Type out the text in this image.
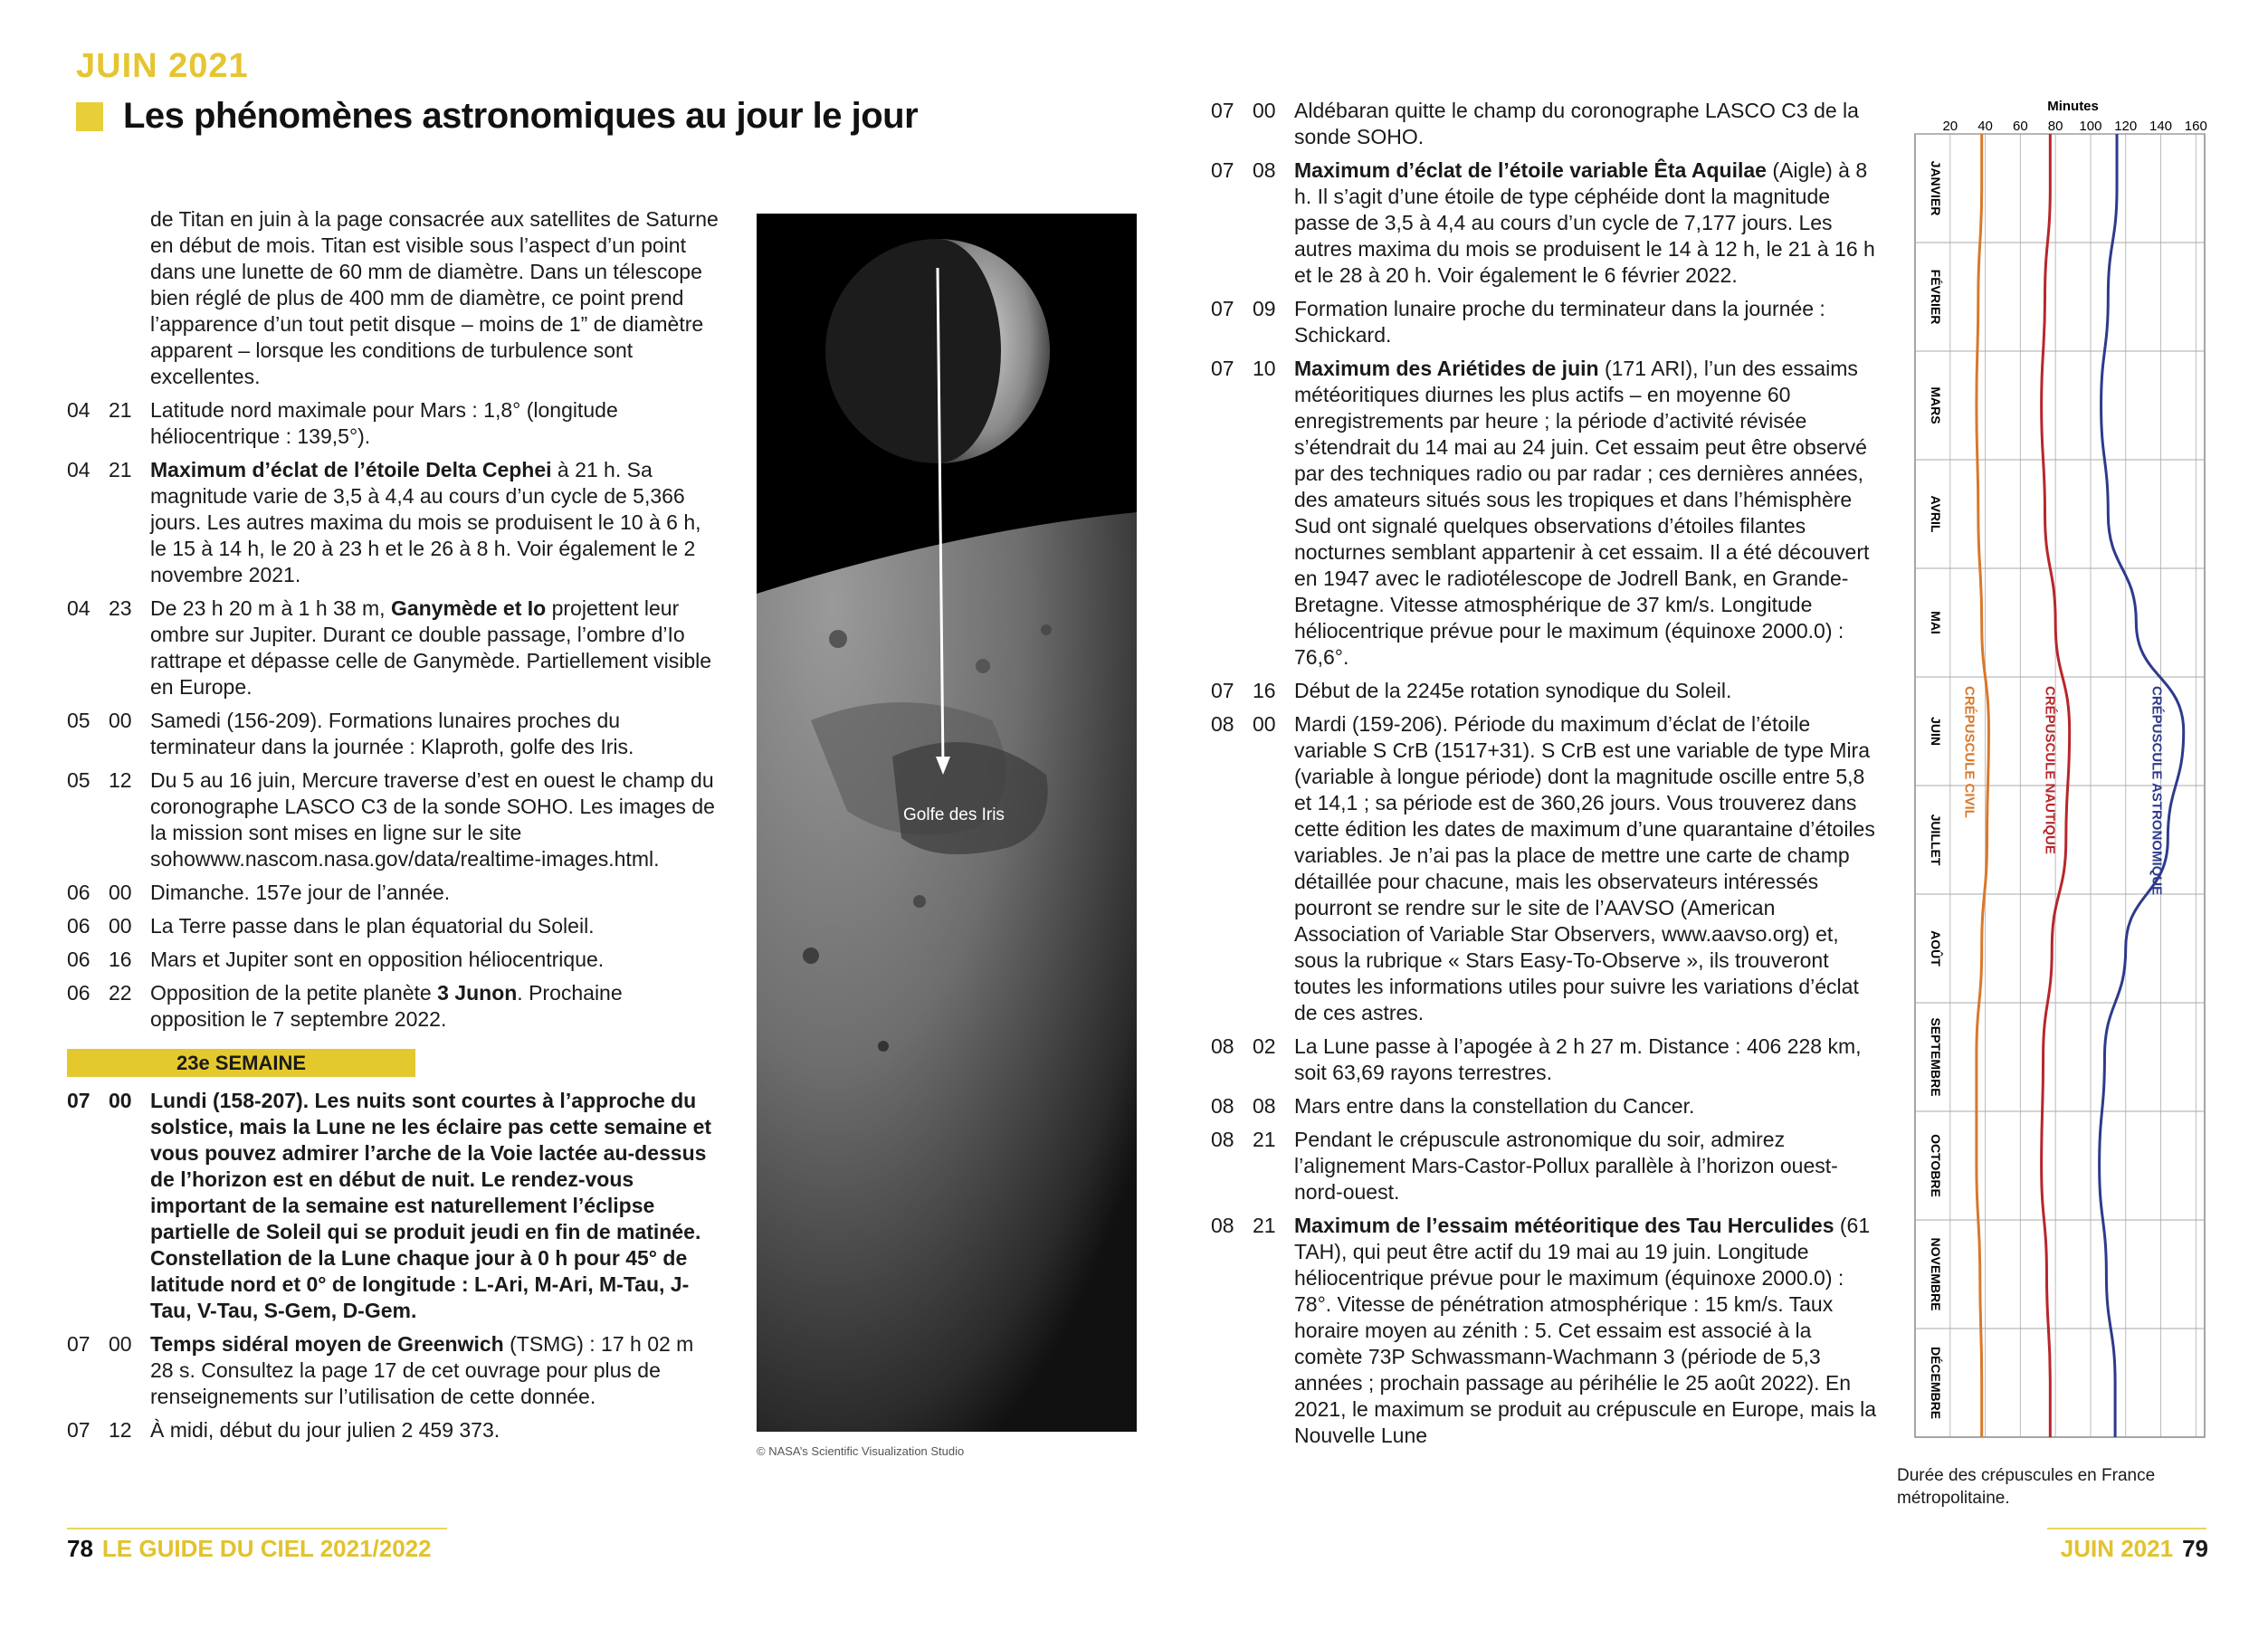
JUIN 2021
Les phénomènes astronomiques au jour le jour
de Titan en juin à la page consacrée aux satellites de Saturne en début de mois. Titan est visible sous l’aspect d’un point dans une lunette de 60 mm de diamètre. Dans un télescope bien réglé de plus de 400 mm de diamètre, ce point prend l’apparence d’un tout petit disque – moins de 1” de diamètre apparent – lorsque les conditions de turbulence sont excellentes.
04 21 Latitude nord maximale pour Mars : 1,8° (longitude héliocentrique : 139,5°).
04 21 Maximum d’éclat de l’étoile Delta Cephei à 21 h. Sa magnitude varie de 3,5 à 4,4 au cours d’un cycle de 5,366 jours. Les autres maxima du mois se produisent le 10 à 6 h, le 15 à 14 h, le 20 à 23 h et le 26 à 8 h. Voir également le 2 novembre 2021.
04 23 De 23 h 20 m à 1 h 38 m, Ganymède et Io projettent leur ombre sur Jupiter. Durant ce double passage, l’ombre d’Io rattrape et dépasse celle de Ganymède. Partiellement visible en Europe.
05 00 Samedi (156-209). Formations lunaires proches du terminateur dans la journée : Klaproth, golfe des Iris.
05 12 Du 5 au 16 juin, Mercure traverse d’est en ouest le champ du coronographe LASCO C3 de la sonde SOHO. Les images de la mission sont mises en ligne sur le site sohowww.nascom.nasa.gov/data/realtime-images.html.
06 00 Dimanche. 157e jour de l’année.
06 00 La Terre passe dans le plan équatorial du Soleil.
06 16 Mars et Jupiter sont en opposition héliocentrique.
06 22 Opposition de la petite planète 3 Junon. Prochaine opposition le 7 septembre 2022.
23e SEMAINE
07 00 Lundi (158-207). Les nuits sont courtes à l’approche du solstice, mais la Lune ne les éclaire pas cette semaine et vous pouvez admirer l’arche de la Voie lactée au-dessus de l’horizon est en début de nuit. Le rendez-vous important de la semaine est naturellement l’éclipse partielle de Soleil qui se produit jeudi en fin de matinée. Constellation de la Lune chaque jour à 0 h pour 45° de latitude nord et 0° de longitude : L-Ari, M-Ari, M-Tau, J-Tau, V-Tau, S-Gem, D-Gem.
07 00 Temps sidéral moyen de Greenwich (TSMG) : 17 h 02 m 28 s. Consultez la page 17 de cet ouvrage pour plus de renseignements sur l’utilisation de cette donnée.
07 12 À midi, début du jour julien 2 459 373.
Golfe des Iris
© NASA’s Scientific Visualization Studio
07 00 Aldébaran quitte le champ du coronographe LASCO C3 de la sonde SOHO.
07 08 Maximum d’éclat de l’étoile variable Êta Aquilae (Aigle) à 8 h. Il s’agit d’une étoile de type céphéide dont la magnitude passe de 3,5 à 4,4 au cours d’un cycle de 7,177 jours. Les autres maxima du mois se produisent le 14 à 12 h, le 21 à 16 h et le 28 à 20 h. Voir également le 6 février 2022.
07 09 Formation lunaire proche du terminateur dans la journée : Schickard.
07 10 Maximum des Ariétides de juin (171 ARI), l’un des essaims météoritiques diurnes les plus actifs – en moyenne 60 enregistrements par heure ; la période d’activité révisée s’étendrait du 14 mai au 24 juin. Cet essaim peut être observé par des techniques radio ou par radar ; ces dernières années, des amateurs situés sous les tropiques et dans l’hémisphère Sud ont signalé quelques observations d’étoiles filantes nocturnes semblant appartenir à cet essaim. Il a été découvert en 1947 avec le radiotélescope de Jodrell Bank, en Grande-Bretagne. Vitesse atmosphérique de 37 km/s. Longitude héliocentrique prévue pour le maximum (équinoxe 2000.0) : 76,6°.
07 16 Début de la 2245e rotation synodique du Soleil.
08 00 Mardi (159-206). Période du maximum d’éclat de l’étoile variable S CrB (1517+31). S CrB est une variable de type Mira (variable à longue période) dont la magnitude oscille entre 5,8 et 14,1 ; sa période est de 360,26 jours. Vous trouverez dans cette édition les dates de maximum d’une quarantaine d’étoiles variables. Je n’ai pas la place de mettre une carte de champ détaillée pour chacune, mais les observateurs intéressés pourront se rendre sur le site de l’AAVSO (American Association of Variable Star Observers, www.aavso.org) et, sous la rubrique « Stars Easy-To-Observe », ils trouveront toutes les informations utiles pour suivre les variations d’éclat de ces astres.
08 02 La Lune passe à l’apogée à 2 h 27 m. Distance : 406 228 km, soit 63,69 rayons terrestres.
08 08 Mars entre dans la constellation du Cancer.
08 21 Pendant le crépuscule astronomique du soir, admirez l’alignement Mars-Castor-Pollux parallèle à l’horizon ouest-nord-ouest.
08 21 Maximum de l’essaim météoritique des Tau Herculides (61 TAH), qui peut être actif du 19 mai au 19 juin. Longitude héliocentrique prévue pour le maximum (équinoxe 2000.0) : 78°. Vitesse de pénétration atmosphérique : 15 km/s. Taux horaire moyen au zénith : 5. Cet essaim est associé à la comète 73P Schwassmann-Wachmann 3 (période de 5,3 années ; prochain passage au périhélie le 25 août 2022). En 2021, le maximum se produit au crépuscule en Europe, mais la Nouvelle Lune
Minutes
20 40 60 80 100 120 140 160
JANVIER
FÉVRIER
MARS
AVRIL
MAI
JUIN
JUILLET
AOÛT
SEPTEMBRE
OCTOBRE
NOVEMBRE
DÉCEMBRE
CRÉPUSCULE CIVIL	CRÉPUSCULE NAUTIQUE	CRÉPUSCULE ASTRONOMIQUE
Durée des crépuscules en France métropolitaine.
78 LE GUIDE DU CIEL 2021/2022	JUIN 2021 79
